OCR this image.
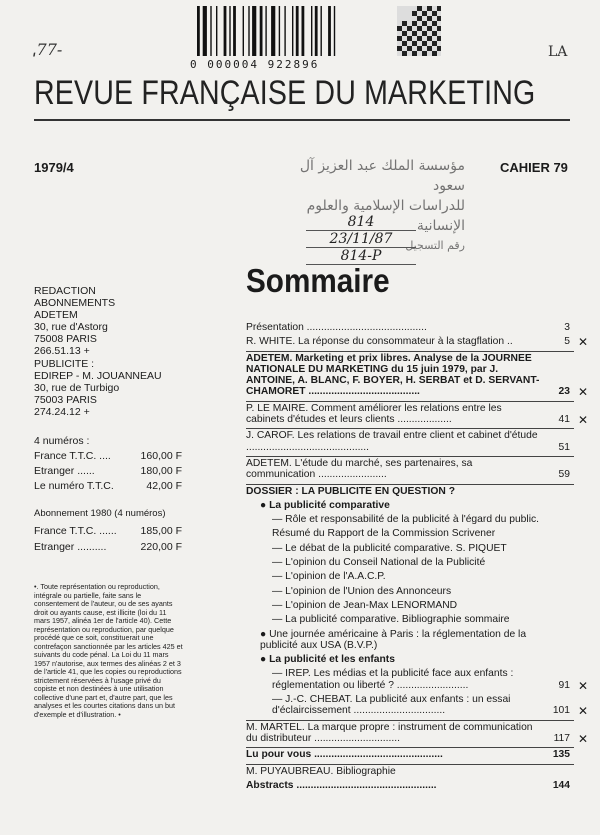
0 000004 922896
ˌ77-	LA
REVUE FRANÇAISE DU MARKETING
1979/4	CAHIER 79
مؤسسة الملك عبد العزيز آل سعود
للدراسات الإسلامية والعلوم الإنسانية
رقم التسجيل
814
23/11/87
814-P
Sommaire
REDACTION
ABONNEMENTS
ADETEM
30, rue d'Astorg
75008 PARIS
266.51.13 +
PUBLICITE :
EDIREP - M. JOUANNEAU
30, rue de Turbigo
75003 PARIS
274.24.12 +
4 numéros :
France T.T.C. ....	160,00 F
Etranger ......	180,00 F
Le numéro T.T.C.	42,00 F
Abonnement 1980 (4 numéros)
France T.T.C. ...... 185,00 F
Etranger ..........	220,00 F
•. Toute représentation ou reproduction, intégrale ou partielle, faite sans le consentement de l'auteur, ou de ses ayants droit ou ayants cause, est illicite (loi du 11 mars 1957, alinéa 1er de l'article 40). Cette représentation ou reproduction, par quelque procédé que ce soit, constituerait une contrefaçon sanctionnée par les articles 425 et suivants du code pénal. La Loi du 11 mars 1957 n'autorise, aux termes des alinéas 2 et 3 de l'article 41, que les copies ou reproductions strictement réservées à l'usage privé du copiste et non destinées à une utilisation collective d'une part et, d'autre part, que les analyses et les courtes citations dans un but d'exemple et d'illustration. •
Présentation ..........................................	3
R. WHITE. La réponse du consommateur à la stagflation ..	5 ✕
ADETEM. Marketing et prix libres. Analyse de la JOURNEE NATIONALE DU MARKETING du 15 juin 1979, par J. ANTOINE, A. BLANC, F. BOYER, H. SERBAT et D. SERVANT-CHAMORET .......................................	23 ✕
P. LE MAIRE. Comment améliorer les relations entre les cabinets d'études et leurs clients ...................	41 ✕
J. CAROF. Les relations de travail entre client et cabinet d'étude ...........................................	51
ADETEM. L'étude du marché, ses partenaires, sa communication ........................	59
DOSSIER : LA PUBLICITE EN QUESTION ?
● La publicité comparative
— Rôle et responsabilité de la publicité à l'égard du public.
Résumé du Rapport de la Commission Scrivener
— Le débat de la publicité comparative. S. PIQUET
— L'opinion du Conseil National de la Publicité
— L'opinion de l'A.A.C.P.
— L'opinion de l'Union des Annonceurs
— L'opinion de Jean-Max LENORMAND
— La publicité comparative. Bibliographie sommaire
● Une journée américaine à Paris : la réglementation de la publicité aux USA (B.V.P.)
● La publicité et les enfants
— IREP. Les médias et la publicité face aux enfants : réglementation ou liberté ? .........................	91 ✕
— J.-C. CHEBAT. La publicité aux enfants : un essai d'éclaircissement ................................	101 ✕
M. MARTEL. La marque propre : instrument de communication du distributeur ..............................	117 ✕
Lu pour vous .............................................	135
M. PUYAUBREAU. Bibliographie
Abstracts .................................................	144
